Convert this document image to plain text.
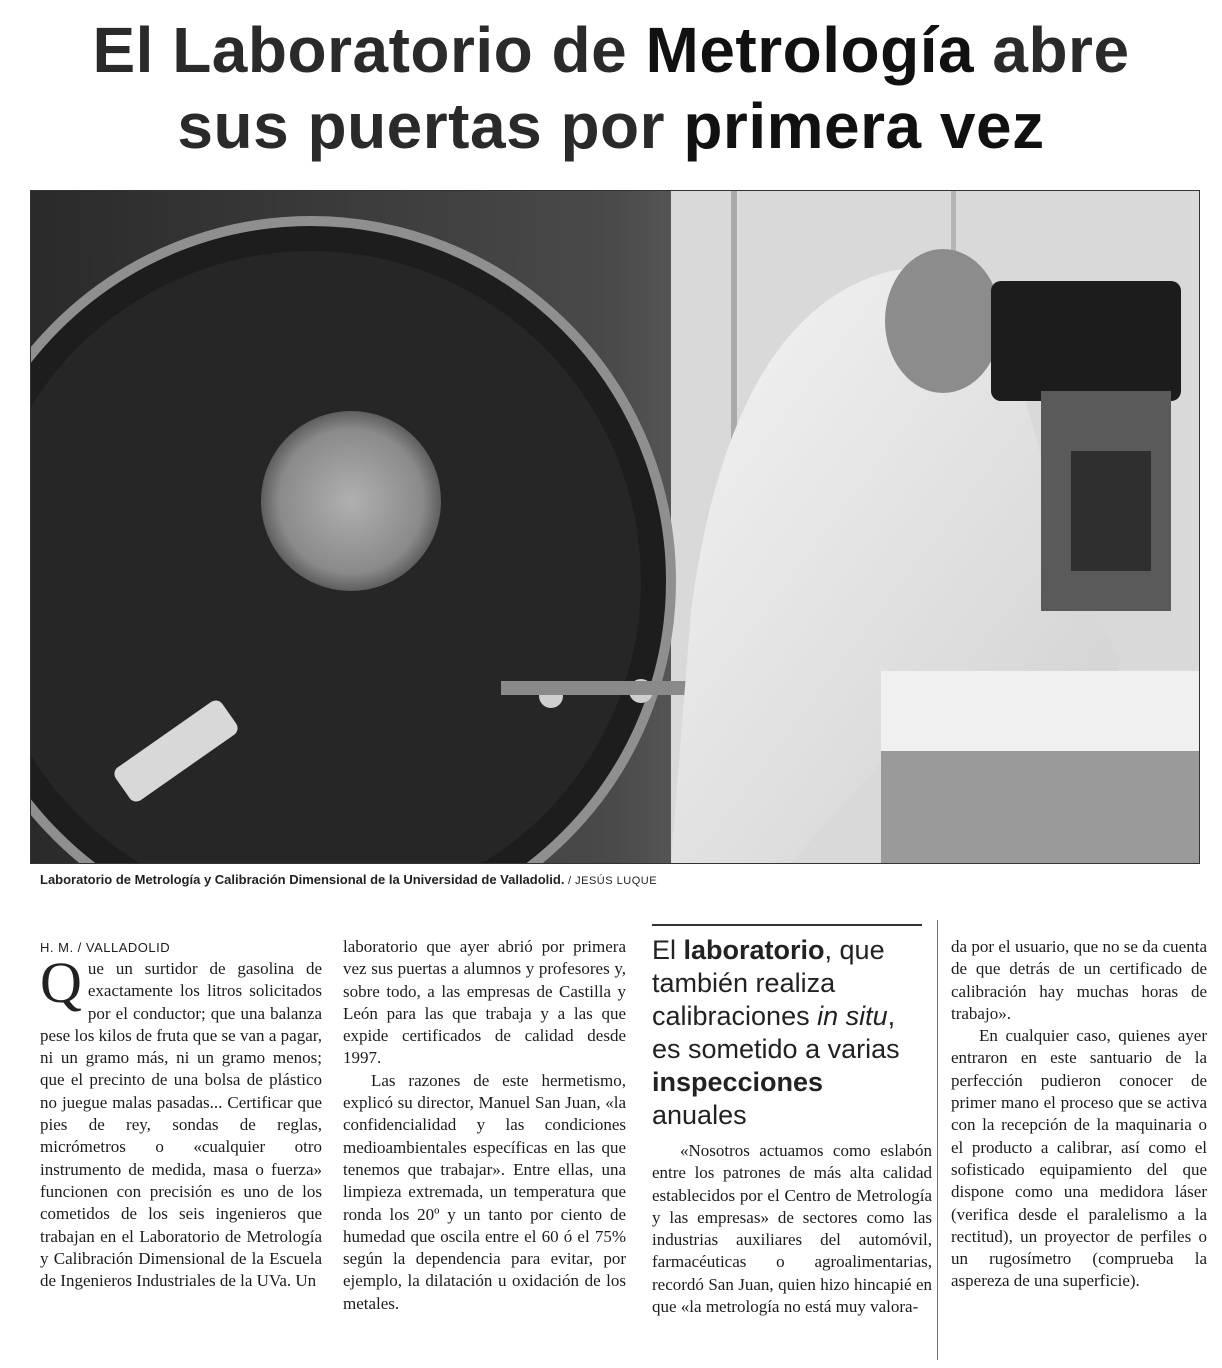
El Laboratorio de Metrología abre
sus puertas por primera vez
Laboratorio de Metrología y Calibración Dimensional de la Universidad de Valladolid. / JESÚS LUQUE
H. M. / VALLADOLID

Que un surtidor de gasolina de exactamente los litros solicitados por el conductor; que una balanza pese los kilos de fruta que se van a pagar, ni un gramo más, ni un gramo menos; que el precinto de una bolsa de plástico no juegue malas pasadas... Certificar que pies de rey, sondas de reglas, micrómetros o «cualquier otro instrumento de medida, masa o fuerza» funcionen con precisión es uno de los cometidos de los seis ingenieros que trabajan en el Laboratorio de Metrología y Calibración Dimensional de la Escuela de Ingenieros Industriales de la UVa. Un

laboratorio que ayer abrió por primera vez sus puertas a alumnos y profesores y, sobre todo, a las empresas de Castilla y León para las que trabaja y a las que expide certificados de calidad desde 1997.

Las razones de este hermetismo, explicó su director, Manuel San Juan, «la confidencialidad y las condiciones medioambientales específicas en las que tenemos que trabajar». Entre ellas, una limpieza extremada, un temperatura que ronda los 20º y un tanto por ciento de humedad que oscila entre el 60 ó el 75% según la dependencia para evitar, por ejemplo, la dilatación u oxidación de los metales.

El laboratorio, que también realiza calibraciones in situ, es sometido a varias inspecciones anuales

«Nosotros actuamos como eslabón entre los patrones de más alta calidad establecidos por el Centro de Metrología y las empresas» de sectores como las industrias auxiliares del automóvil, farmacéuticas o agroalimentarias, recordó San Juan, quien hizo hincapié en que «la metrología no está muy valora-

da por el usuario, que no se da cuenta de que detrás de un certificado de calibración hay muchas horas de trabajo».

En cualquier caso, quienes ayer entraron en este santuario de la perfección pudieron conocer de primer mano el proceso que se activa con la recepción de la maquinaria o el producto a calibrar, así como el sofisticado equipamiento del que dispone como una medidora láser (verifica desde el paralelismo a la rectitud), un proyector de perfiles o un rugosímetro (comprueba la aspereza de una superficie).
